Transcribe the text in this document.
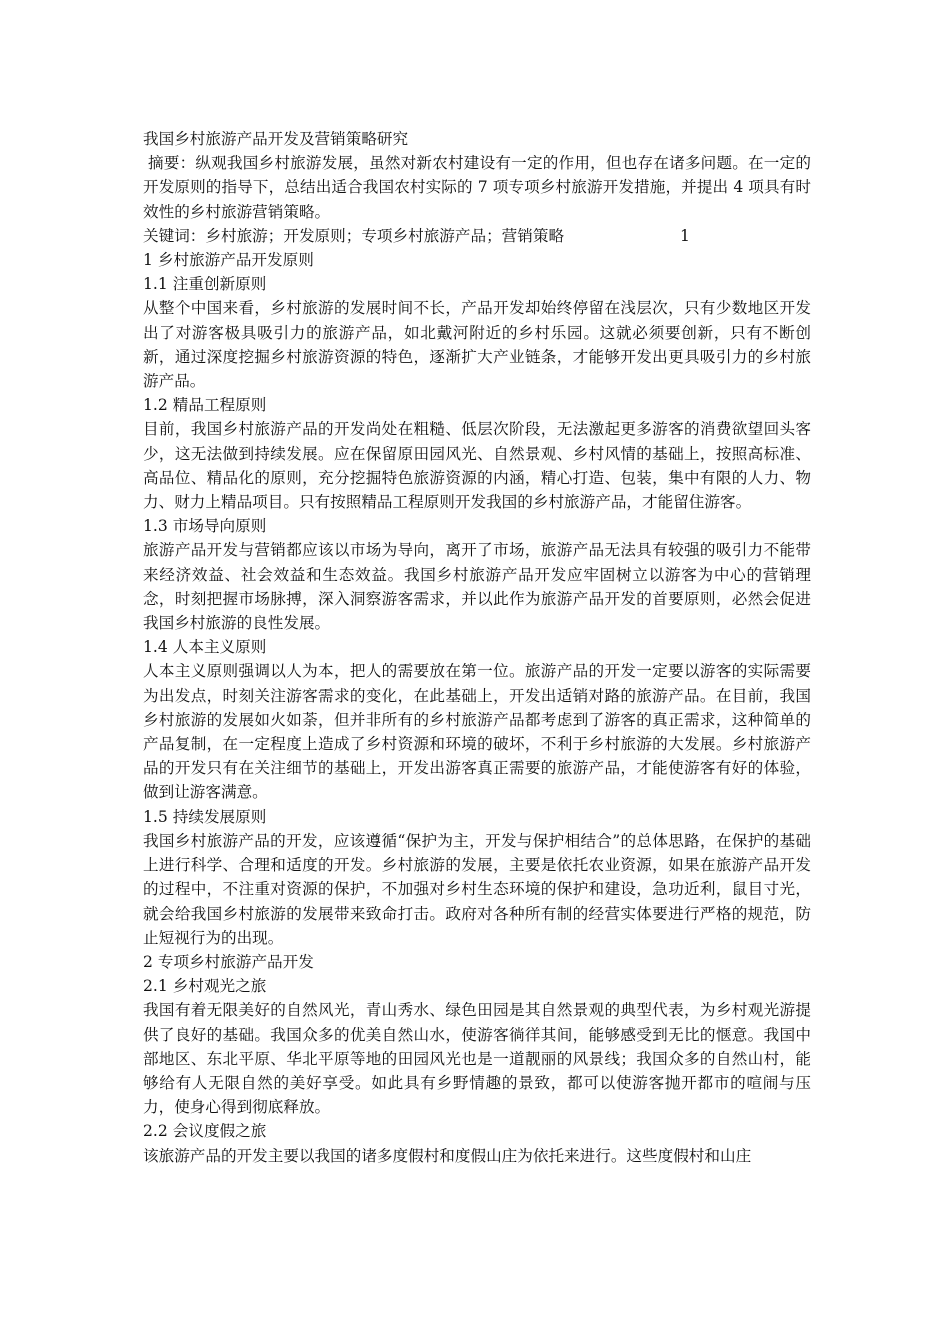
我国乡村旅游产品开发及营销策略研究

摘要：纵观我国乡村旅游发展，虽然对新农村建设有一定的作用，但也存在诸多问题。在一定的开发原则的指导下，总结出适合我国农村实际的 7 项专项乡村旅游开发措施，并提出 4 项具有时效性的乡村旅游营销策略。

关键词：乡村旅游；开发原则；专项乡村旅游产品；营销策略	1

1 乡村旅游产品开发原则

1.1 注重创新原则

从整个中国来看，乡村旅游的发展时间不长，产品开发却始终停留在浅层次，只有少数地区开发出了对游客极具吸引力的旅游产品，如北戴河附近的乡村乐园。这就必须要创新，只有不断创新，通过深度挖掘乡村旅游资源的特色，逐渐扩大产业链条，才能够开发出更具吸引力的乡村旅游产品。

1.2 精品工程原则

目前，我国乡村旅游产品的开发尚处在粗糙、低层次阶段，无法激起更多游客的消费欲望回头客少，这无法做到持续发展。应在保留原田园风光、自然景观、乡村风情的基础上，按照高标准、高品位、精品化的原则，充分挖掘特色旅游资源的内涵，精心打造、包装，集中有限的人力、物力、财力上精品项目。只有按照精品工程原则开发我国的乡村旅游产品，才能留住游客。

1.3 市场导向原则

旅游产品开发与营销都应该以市场为导向，离开了市场，旅游产品无法具有较强的吸引力不能带来经济效益、社会效益和生态效益。我国乡村旅游产品开发应牢固树立以游客为中心的营销理念，时刻把握市场脉搏，深入洞察游客需求，并以此作为旅游产品开发的首要原则，必然会促进我国乡村旅游的良性发展。

1.4 人本主义原则

人本主义原则强调以人为本，把人的需要放在第一位。旅游产品的开发一定要以游客的实际需要为出发点，时刻关注游客需求的变化，在此基础上，开发出适销对路的旅游产品。在目前，我国乡村旅游的发展如火如荼，但并非所有的乡村旅游产品都考虑到了游客的真正需求，这种简单的产品复制，在一定程度上造成了乡村资源和环境的破坏，不利于乡村旅游的大发展。乡村旅游产品的开发只有在关注细节的基础上，开发出游客真正需要的旅游产品，才能使游客有好的体验，做到让游客满意。

1.5 持续发展原则

我国乡村旅游产品的开发，应该遵循“保护为主，开发与保护相结合”的总体思路，在保护的基础上进行科学、合理和适度的开发。乡村旅游的发展，主要是依托农业资源，如果在旅游产品开发的过程中，不注重对资源的保护，不加强对乡村生态环境的保护和建设，急功近利，鼠目寸光，就会给我国乡村旅游的发展带来致命打击。政府对各种所有制的经营实体要进行严格的规范，防止短视行为的出现。

2 专项乡村旅游产品开发

2.1 乡村观光之旅

我国有着无限美好的自然风光，青山秀水、绿色田园是其自然景观的典型代表，为乡村观光游提供了良好的基础。我国众多的优美自然山水，使游客徜徉其间，能够感受到无比的惬意。我国中部地区、东北平原、华北平原等地的田园风光也是一道靓丽的风景线；我国众多的自然山村，能够给有人无限自然的美好享受。如此具有乡野情趣的景致，都可以使游客抛开都市的喧闹与压力，使身心得到彻底释放。

2.2 会议度假之旅

该旅游产品的开发主要以我国的诸多度假村和度假山庄为依托来进行。这些度假村和山庄
